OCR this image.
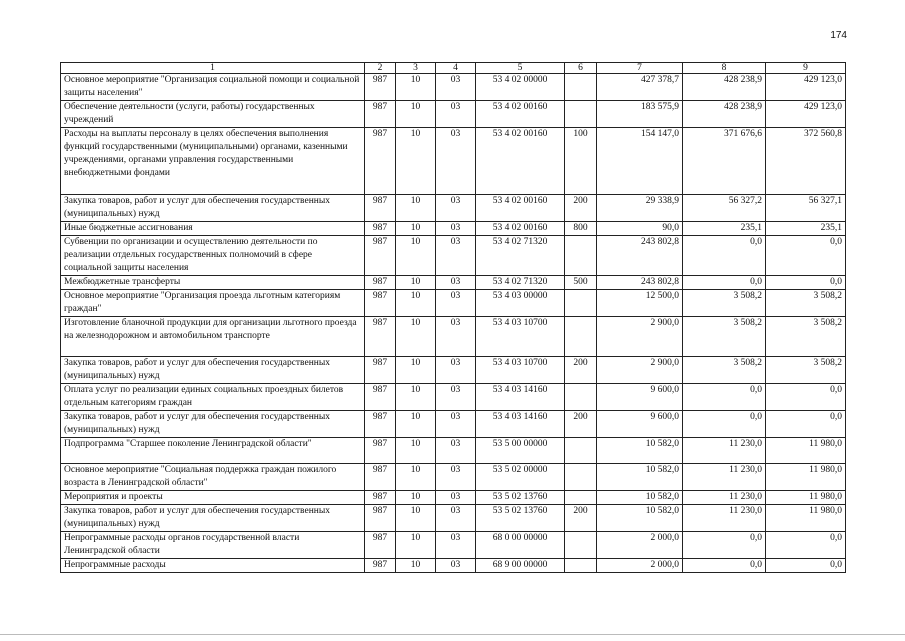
174
1	2	3	4	5	6	7	8	9
Основное мероприятие "Организация социальной помощи и социальной защиты населения"	987	10	03	53 4 02 00000		427 378,7	428 238,9	429 123,0
Обеспечение деятельности (услуги, работы) государственных учреждений	987	10	03	53 4 02 00160		183 575,9	428 238,9	429 123,0
Расходы на выплаты персоналу в целях обеспечения выполнения функций государственными (муниципальными) органами, казенными учреждениями, органами управления государственными внебюджетными фондами	987	10	03	53 4 02 00160	100	154 147,0	371 676,6	372 560,8
Закупка товаров, работ и услуг для обеспечения государственных (муниципальных) нужд	987	10	03	53 4 02 00160	200	29 338,9	56 327,2	56 327,1
Иные бюджетные ассигнования	987	10	03	53 4 02 00160	800	90,0	235,1	235,1
Субвенции по организации и осуществлению деятельности по реализации отдельных государственных полномочий в сфере социальной защиты населения	987	10	03	53 4 02 71320		243 802,8	0,0	0,0
Межбюджетные трансферты	987	10	03	53 4 02 71320	500	243 802,8	0,0	0,0
Основное мероприятие "Организация проезда льготным категориям граждан"	987	10	03	53 4 03 00000		12 500,0	3 508,2	3 508,2
Изготовление бланочной продукции для организации льготного проезда на железнодорожном и автомобильном транспорте	987	10	03	53 4 03 10700		2 900,0	3 508,2	3 508,2
Закупка товаров, работ и услуг для обеспечения государственных (муниципальных) нужд	987	10	03	53 4 03 10700	200	2 900,0	3 508,2	3 508,2
Оплата услуг по реализации единых социальных проездных билетов отдельным категориям граждан	987	10	03	53 4 03 14160		9 600,0	0,0	0,0
Закупка товаров, работ и услуг для обеспечения государственных (муниципальных) нужд	987	10	03	53 4 03 14160	200	9 600,0	0,0	0,0
Подпрограмма "Старшее поколение Ленинградской области"	987	10	03	53 5 00 00000		10 582,0	11 230,0	11 980,0
Основное мероприятие "Социальная поддержка граждан пожилого возраста в Ленинградской области"	987	10	03	53 5 02 00000		10 582,0	11 230,0	11 980,0
Мероприятия и проекты	987	10	03	53 5 02 13760		10 582,0	11 230,0	11 980,0
Закупка товаров, работ и услуг для обеспечения государственных (муниципальных) нужд	987	10	03	53 5 02 13760	200	10 582,0	11 230,0	11 980,0
Непрограммные расходы органов государственной власти Ленинградской области	987	10	03	68 0 00 00000		2 000,0	0,0	0,0
Непрограммные расходы	987	10	03	68 9 00 00000		2 000,0	0,0	0,0
